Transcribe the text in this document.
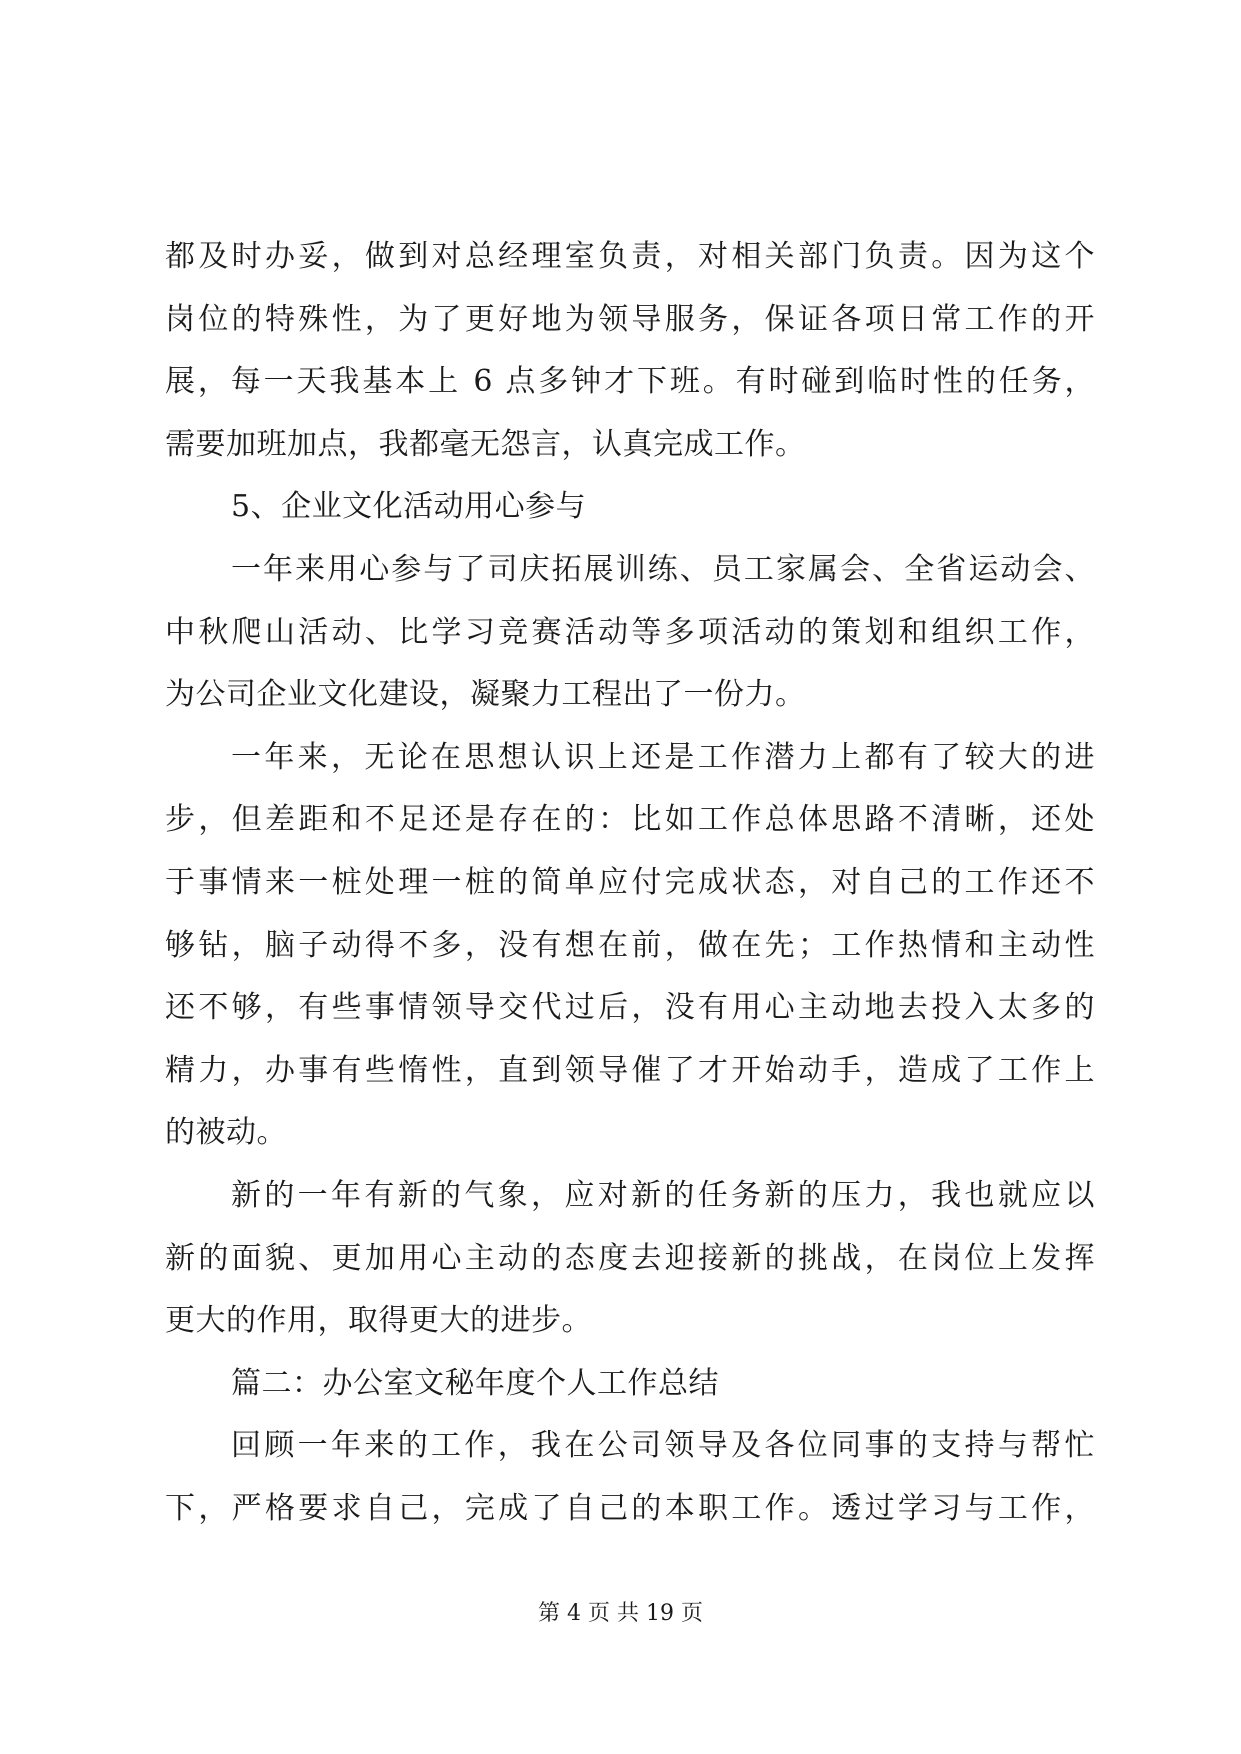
都及时办妥，做到对总经理室负责，对相关部门负责。因为这个
岗位的特殊性，为了更好地为领导服务，保证各项日常工作的开
展，每一天我基本上 6 点多钟才下班。有时碰到临时性的任务，
需要加班加点，我都毫无怨言，认真完成工作。
5、企业文化活动用心参与
一年来用心参与了司庆拓展训练、员工家属会、全省运动会、
中秋爬山活动、比学习竞赛活动等多项活动的策划和组织工作，
为公司企业文化建设，凝聚力工程出了一份力。
一年来，无论在思想认识上还是工作潜力上都有了较大的进
步，但差距和不足还是存在的：比如工作总体思路不清晰，还处
于事情来一桩处理一桩的简单应付完成状态，对自己的工作还不
够钻，脑子动得不多，没有想在前，做在先；工作热情和主动性
还不够，有些事情领导交代过后，没有用心主动地去投入太多的
精力，办事有些惰性，直到领导催了才开始动手，造成了工作上
的被动。
新的一年有新的气象，应对新的任务新的压力，我也就应以
新的面貌、更加用心主动的态度去迎接新的挑战，在岗位上发挥
更大的作用，取得更大的进步。
篇二：办公室文秘年度个人工作总结
回顾一年来的工作，我在公司领导及各位同事的支持与帮忙
下，严格要求自己，完成了自己的本职工作。透过学习与工作，
第 4 页 共 19 页
